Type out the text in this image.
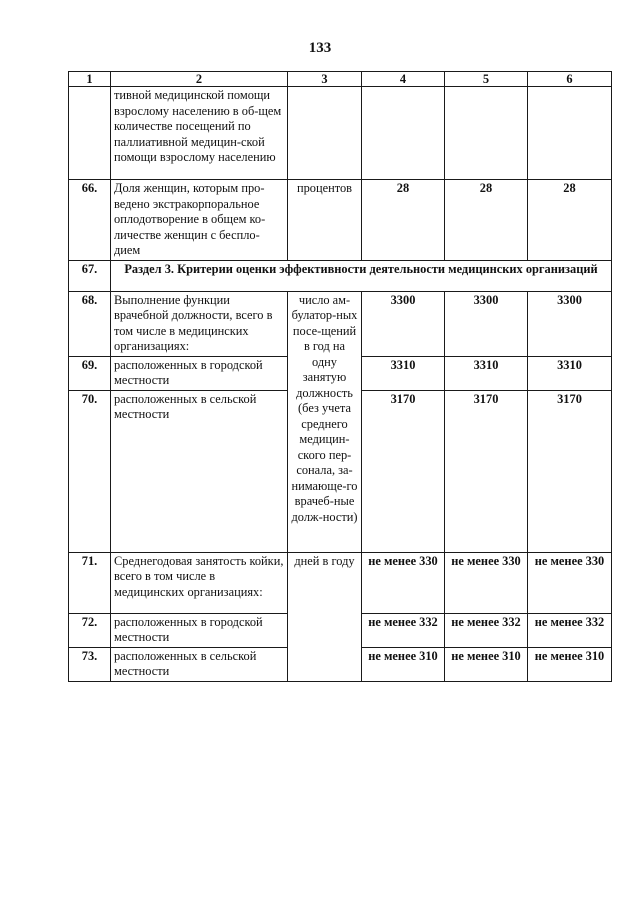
133
1	2	3	4	5	6
	тивной медицинской помощи взрослому населению в об-щем количестве посещений по паллиативной медицин-ской помощи взрослому населению				
66.	Доля женщин, которым про-ведено экстракорпоральное оплодотворение в общем ко-личестве женщин с беспло-дием	процентов	28	28	28
67.	Раздел 3. Критерии оценки эффективности деятельности медицинских организаций				
68.	Выполнение функции врачебной должности, всего в том числе в медицинских организациях:	число ам-булатор-ных посе-щений в год на одну занятую должность (без учета среднего медицин-ского пер-сонала, за-нимающе-го врачеб-ные долж-ности)	3300	3300	3300
69.	расположенных в городской местности		3310	3310	3310
70.	расположенных в сельской местности		3170	3170	3170
71.	Среднегодовая занятость койки, всего в том числе в медицинских организациях:	дней в году	не менее 330	не менее 330	не менее 330
72.	расположенных в городской местности		не менее 332	не менее 332	не менее 332
73.	расположенных в сельской местности		не менее 310	не менее 310	не менее 310
